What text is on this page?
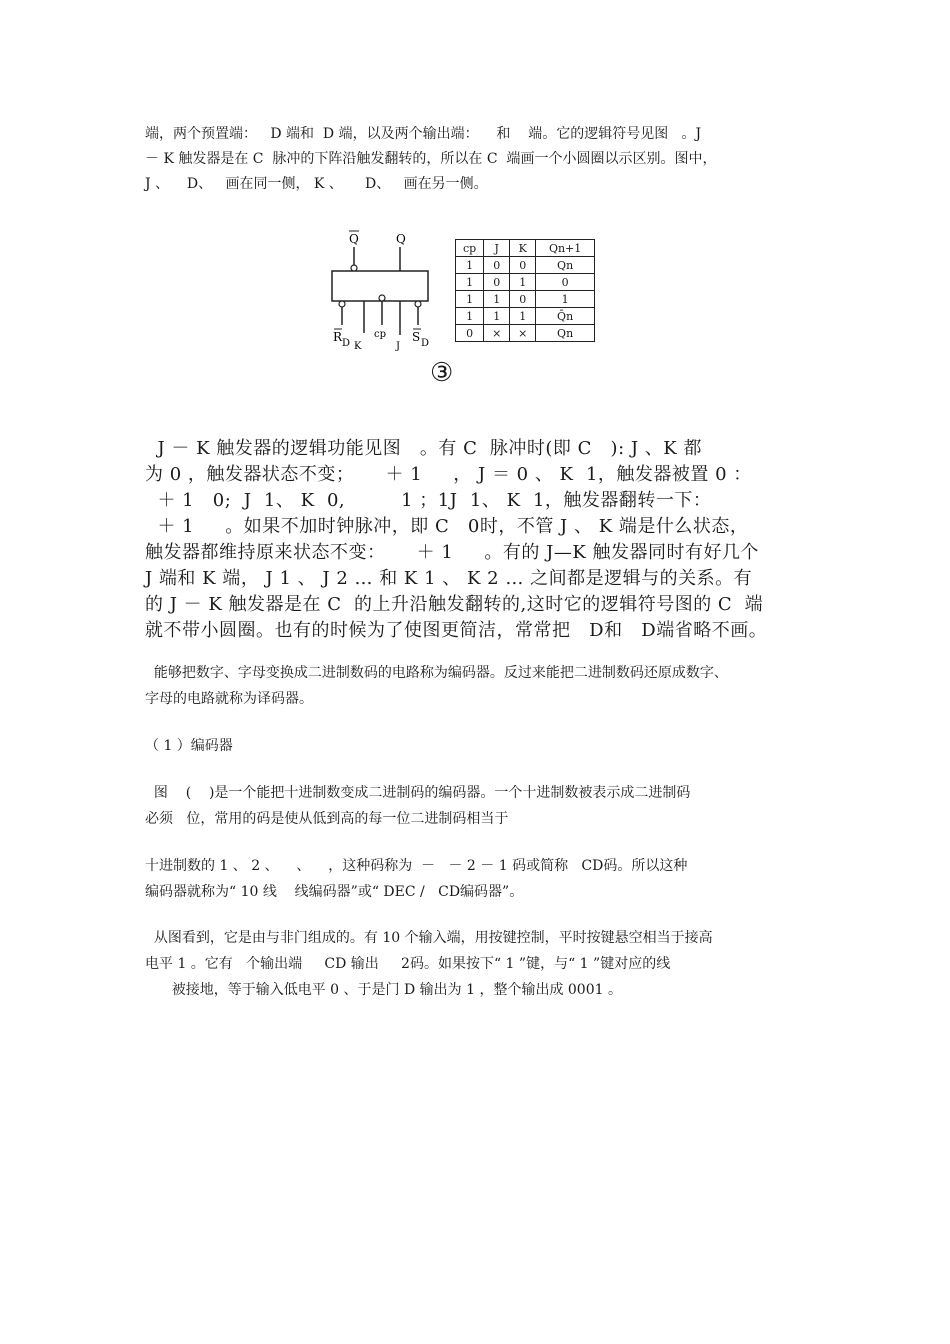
端，两个预置端：   D 端和  D 端，以及两个输出端：    和    端。它的逻辑符号见图   。J
－ K 触发器是在 C  脉冲的下阵沿触发翻转的，所以在 C  端画一个小圆圈以示区别。图中，
J 、    D、   画在同一侧， K 、     D、   画在另一侧。
Q	Q
R D K
cp
J
S D
cp	J	K	Qn+1
1	0	0	Qn
1	0	1	0
1	1	0	1
1	1	1	Q̄n
0	×	×	Qn
③
J － K 触发器的逻辑功能见图   。有 C  脉冲时(即 C   ): J 、K 都
为 0 ，触发器状态不变；     ＋ 1     ， J ＝ 0 、 K  1，触发器被置 0 ：
＋ 1   0;  J  1、 K  0,         1 ；1J  1、 K  1，触发器翻转一下：
＋ 1     。如果不加时钟脉冲，即 C   0时，不管 J 、 K 端是什么状态，
触发器都维持原来状态不变：     ＋ 1     。有的 J—K 触发器同时有好几个
J 端和 K 端， J 1 、 J 2 … 和 K 1 、 K 2 … 之间都是逻辑与的关系。有
的 J － K 触发器是在 C  的上升沿触发翻转的,这时它的逻辑符号图的 C  端
就不带小圆圈。也有的时候为了使图更简洁，常常把   D和   D端省略不画。
能够把数字、字母变换成二进制数码的电路称为编码器。反过来能把二进制数码还原成数字、
字母的电路就称为译码器。
（ 1 ）编码器
图    (    )是一个能把十进制数变成二进制码的编码器。一个十进制数被表示成二进制码
必须   位，常用的码是使从低到高的每一位二进制码相当于
十进制数的 1 、 2 、    、    ，这种码称为  －   － 2 － 1 码或简称   CD码。所以这种
编码器就称为“ 10 线    线编码器”或“ DEC /   CD编码器”。
从图看到，它是由与非门组成的。有 10 个输入端，用按键控制，平时按键悬空相当于接高
电平 1 。它有   个输出端     CD 输出     2码。如果按下“ 1 ”键，与“ 1 ”键对应的线
被接地，等于输入低电平 0 、于是门 D 输出为 1 ，整个输出成 0001 。
